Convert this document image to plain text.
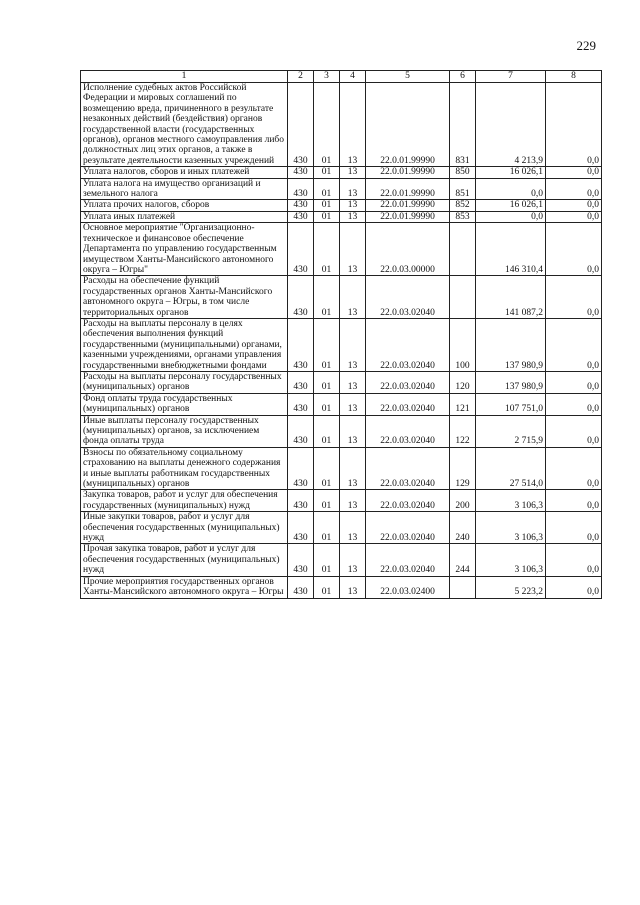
229
1	2	3	4	5	6	7	8
Исполнение судебных актов Российской Федерации и мировых соглашений по возмещению вреда, причиненного в результате незаконных действий (бездействия) органов государственной власти (государственных органов), органов местного самоуправления либо должностных лиц этих органов, а также в результате деятельности казенных учреждений	430	01	13	22.0.01.99990	831	4 213,9	0,0
Уплата налогов, сборов и иных платежей	430	01	13	22.0.01.99990	850	16 026,1	0,0
Уплата налога на имущество организаций и земельного налога	430	01	13	22.0.01.99990	851	0,0	0,0
Уплата прочих налогов, сборов	430	01	13	22.0.01.99990	852	16 026,1	0,0
Уплата иных платежей	430	01	13	22.0.01.99990	853	0,0	0,0
Основное мероприятие "Организационно-техническое и финансовое обеспечение Департамента по управлению государственным имуществом Ханты-Мансийского автономного округа – Югры"	430	01	13	22.0.03.00000		146 310,4	0,0
Расходы на обеспечение функций государственных органов Ханты-Мансийского автономного округа – Югры, в том числе территориальных органов	430	01	13	22.0.03.02040		141 087,2	0,0
Расходы на выплаты персоналу в целях обеспечения выполнения функций государственными (муниципальными) органами, казенными учреждениями, органами управления государственными внебюджетными фондами	430	01	13	22.0.03.02040	100	137 980,9	0,0
Расходы на выплаты персоналу государственных (муниципальных) органов	430	01	13	22.0.03.02040	120	137 980,9	0,0
Фонд оплаты труда государственных (муниципальных) органов	430	01	13	22.0.03.02040	121	107 751,0	0,0
Иные выплаты персоналу государственных (муниципальных) органов, за исключением фонда оплаты труда	430	01	13	22.0.03.02040	122	2 715,9	0,0
Взносы по обязательному социальному страхованию на выплаты денежного содержания и иные выплаты работникам государственных (муниципальных) органов	430	01	13	22.0.03.02040	129	27 514,0	0,0
Закупка товаров, работ и услуг для обеспечения государственных (муниципальных) нужд	430	01	13	22.0.03.02040	200	3 106,3	0,0
Иные закупки товаров, работ и услуг для обеспечения государственных (муниципальных) нужд	430	01	13	22.0.03.02040	240	3 106,3	0,0
Прочая закупка товаров, работ и услуг для обеспечения государственных (муниципальных) нужд	430	01	13	22.0.03.02040	244	3 106,3	0,0
Прочие мероприятия государственных органов Ханты-Мансийского автономного округа – Югры	430	01	13	22.0.03.02400		5 223,2	0,0
